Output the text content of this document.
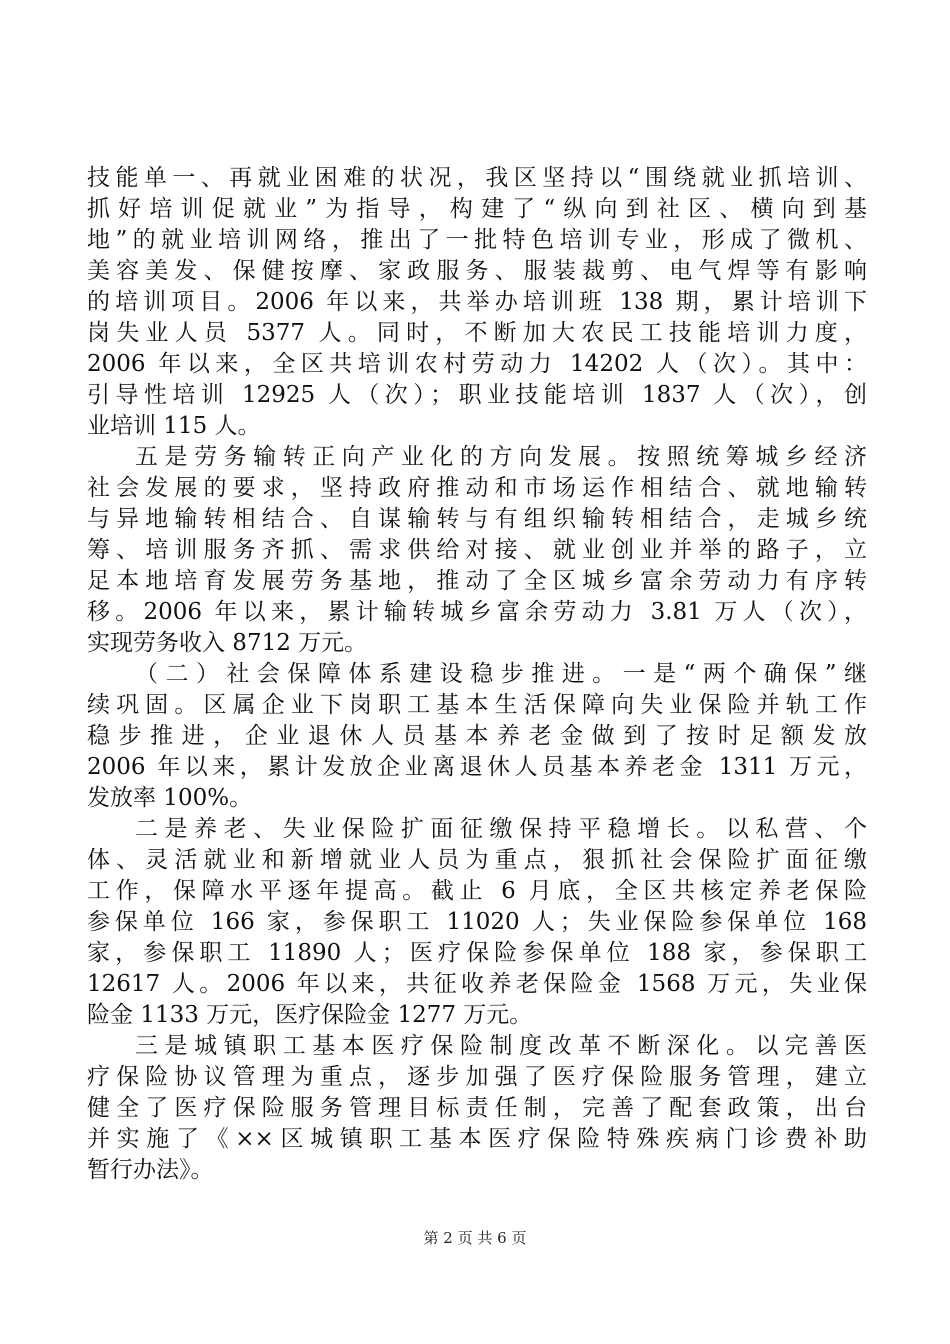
技能单一、再就业困难的状况，我区坚持以“围绕就业抓培训、
抓好培训促就业”为指导，构建了“纵向到社区、横向到基
地”的就业培训网络，推出了一批特色培训专业，形成了微机、
美容美发、保健按摩、家政服务、服装裁剪、电气焊等有影响
的培训项目。2006 年以来，共举办培训班 138 期，累计培训下
岗失业人员 5377 人。同时，不断加大农民工技能培训力度，
2006 年以来，全区共培训农村劳动力 14202 人（次）。其中：
引导性培训 12925 人（次）；职业技能培训 1837 人（次），创
业培训 115 人。
五是劳务输转正向产业化的方向发展。按照统筹城乡经济
社会发展的要求，坚持政府推动和市场运作相结合、就地输转
与异地输转相结合、自谋输转与有组织输转相结合，走城乡统
筹、培训服务齐抓、需求供给对接、就业创业并举的路子，立
足本地培育发展劳务基地，推动了全区城乡富余劳动力有序转
移。2006 年以来，累计输转城乡富余劳动力 3.81 万人（次），
实现劳务收入 8712 万元。
（二）社会保障体系建设稳步推进。一是“两个确保”继
续巩固。区属企业下岗职工基本生活保障向失业保险并轨工作
稳步推进，企业退休人员基本养老金做到了按时足额发放
2006 年以来，累计发放企业离退休人员基本养老金 1311 万元，
发放率 100%。
二是养老、失业保险扩面征缴保持平稳增长。以私营、个
体、灵活就业和新增就业人员为重点，狠抓社会保险扩面征缴
工作，保障水平逐年提高。截止 6 月底，全区共核定养老保险
参保单位 166 家，参保职工 11020 人；失业保险参保单位 168
家，参保职工 11890 人；医疗保险参保单位 188 家，参保职工
12617 人。2006 年以来，共征收养老保险金 1568 万元，失业保
险金 1133 万元，医疗保险金 1277 万元。
三是城镇职工基本医疗保险制度改革不断深化。以完善医
疗保险协议管理为重点，逐步加强了医疗保险服务管理，建立
健全了医疗保险服务管理目标责任制，完善了配套政策，出台
并实施了《××区城镇职工基本医疗保险特殊疾病门诊费补助
暂行办法》。
第 2 页 共 6 页
